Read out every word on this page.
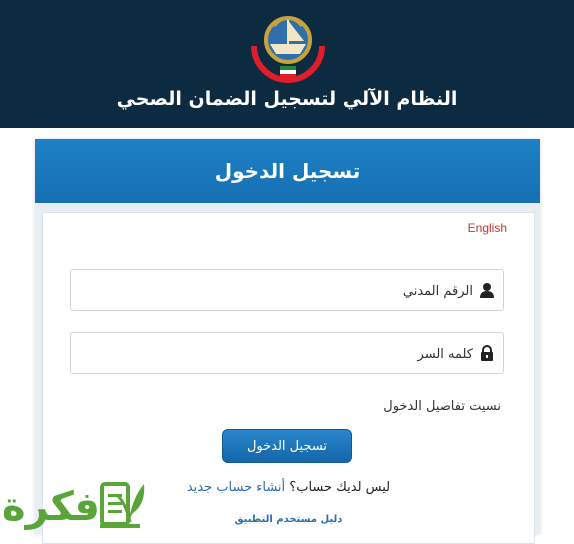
النظام الآلي لتسجيل الضمان الصحي
تسجيل الدخول
English
الرقم المدني
نسيت تفاصيل الدخول
تسجيل الدخول
ليس لديك حساب؟ أنشاء حساب جديد
دليل مستخدم التطبيق
فكرة
